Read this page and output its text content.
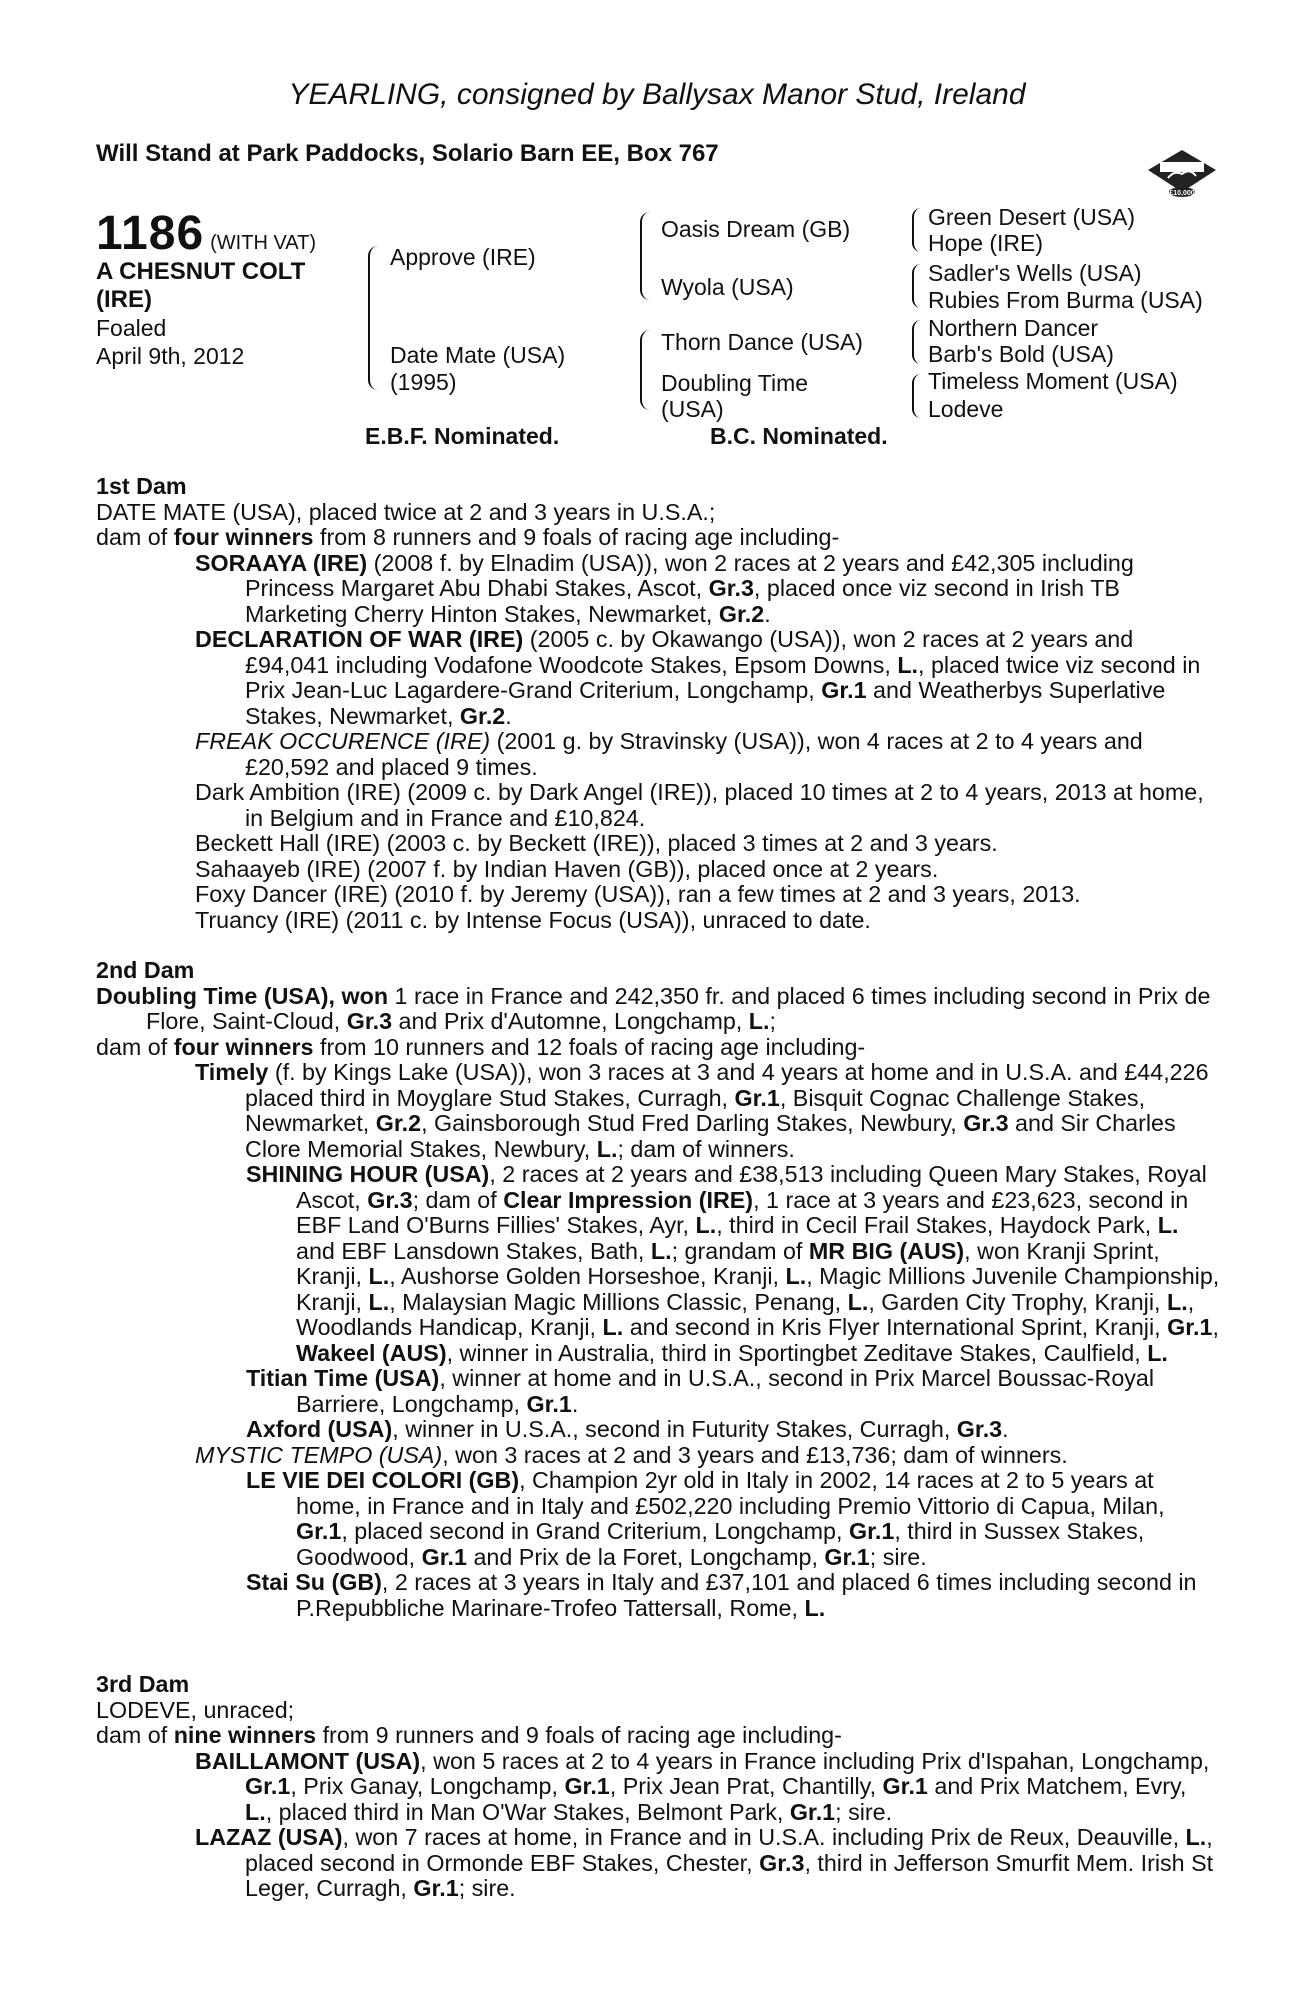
YEARLING, consigned by Ballysax Manor Stud, Ireland
Will Stand at Park Paddocks, Solario Barn EE, Box 767
£10,000
1186 (WITH VAT)
A CHESNUT COLT
(IRE)
Foaled
April 9th, 2012
Approve (IRE)
Date Mate (USA)
(1995)
Oasis Dream (GB)
Wyola (USA)
Thorn Dance (USA)
Doubling Time
(USA)
Green Desert (USA)
Hope (IRE)
Sadler's Wells (USA)
Rubies From Burma (USA)
Northern Dancer
Barb's Bold (USA)
Timeless Moment (USA)
Lodeve
E.B.F. Nominated.	B.C. Nominated.

1st Dam

DATE MATE (USA), placed twice at 2 and 3 years in U.S.A.;

dam of four winners from 8 runners and 9 foals of racing age including-

SORAAYA (IRE) (2008 f. by Elnadim (USA)), won 2 races at 2 years and £42,305 including Princess Margaret Abu Dhabi Stakes, Ascot, Gr.3, placed once viz second in Irish TB Marketing Cherry Hinton Stakes, Newmarket, Gr.2.

DECLARATION OF WAR (IRE) (2005 c. by Okawango (USA)), won 2 races at 2 years and £94,041 including Vodafone Woodcote Stakes, Epsom Downs, L., placed twice viz second in Prix Jean-Luc Lagardere-Grand Criterium, Longchamp, Gr.1 and Weatherbys Superlative Stakes, Newmarket, Gr.2.

FREAK OCCURENCE (IRE) (2001 g. by Stravinsky (USA)), won 4 races at 2 to 4 years and £20,592 and placed 9 times.

Dark Ambition (IRE) (2009 c. by Dark Angel (IRE)), placed 10 times at 2 to 4 years, 2013 at home, in Belgium and in France and £10,824.

Beckett Hall (IRE) (2003 c. by Beckett (IRE)), placed 3 times at 2 and 3 years.

Sahaayeb (IRE) (2007 f. by Indian Haven (GB)), placed once at 2 years.

Foxy Dancer (IRE) (2010 f. by Jeremy (USA)), ran a few times at 2 and 3 years, 2013.

Truancy (IRE) (2011 c. by Intense Focus (USA)), unraced to date.

2nd Dam

Doubling Time (USA), won 1 race in France and 242,350 fr. and placed 6 times including second in Prix de Flore, Saint-Cloud, Gr.3 and Prix d'Automne, Longchamp, L.;

dam of four winners from 10 runners and 12 foals of racing age including-

Timely (f. by Kings Lake (USA)), won 3 races at 3 and 4 years at home and in U.S.A. and £44,226 placed third in Moyglare Stud Stakes, Curragh, Gr.1, Bisquit Cognac Challenge Stakes, Newmarket, Gr.2, Gainsborough Stud Fred Darling Stakes, Newbury, Gr.3 and Sir Charles Clore Memorial Stakes, Newbury, L.; dam of winners.

SHINING HOUR (USA), 2 races at 2 years and £38,513 including Queen Mary Stakes, Royal Ascot, Gr.3; dam of Clear Impression (IRE), 1 race at 3 years and £23,623, second in EBF Land O'Burns Fillies' Stakes, Ayr, L., third in Cecil Frail Stakes, Haydock Park, L. and EBF Lansdown Stakes, Bath, L.; grandam of MR BIG (AUS), won Kranji Sprint, Kranji, L., Aushorse Golden Horseshoe, Kranji, L., Magic Millions Juvenile Championship, Kranji, L., Malaysian Magic Millions Classic, Penang, L., Garden City Trophy, Kranji, L., Woodlands Handicap, Kranji, L. and second in Kris Flyer International Sprint, Kranji, Gr.1, Wakeel (AUS), winner in Australia, third in Sportingbet Zeditave Stakes, Caulfield, L.

Titian Time (USA), winner at home and in U.S.A., second in Prix Marcel Boussac-Royal Barriere, Longchamp, Gr.1.

Axford (USA), winner in U.S.A., second in Futurity Stakes, Curragh, Gr.3.

MYSTIC TEMPO (USA), won 3 races at 2 and 3 years and £13,736; dam of winners.

LE VIE DEI COLORI (GB), Champion 2yr old in Italy in 2002, 14 races at 2 to 5 years at home, in France and in Italy and £502,220 including Premio Vittorio di Capua, Milan, Gr.1, placed second in Grand Criterium, Longchamp, Gr.1, third in Sussex Stakes, Goodwood, Gr.1 and Prix de la Foret, Longchamp, Gr.1; sire.

Stai Su (GB), 2 races at 3 years in Italy and £37,101 and placed 6 times including second in P.Repubbliche Marinare-Trofeo Tattersall, Rome, L.

3rd Dam

LODEVE, unraced;

dam of nine winners from 9 runners and 9 foals of racing age including-

BAILLAMONT (USA), won 5 races at 2 to 4 years in France including Prix d'Ispahan, Longchamp, Gr.1, Prix Ganay, Longchamp, Gr.1, Prix Jean Prat, Chantilly, Gr.1 and Prix Matchem, Evry, L., placed third in Man O'War Stakes, Belmont Park, Gr.1; sire.

LAZAZ (USA), won 7 races at home, in France and in U.S.A. including Prix de Reux, Deauville, L., placed second in Ormonde EBF Stakes, Chester, Gr.3, third in Jefferson Smurfit Mem. Irish St Leger, Curragh, Gr.1; sire.
